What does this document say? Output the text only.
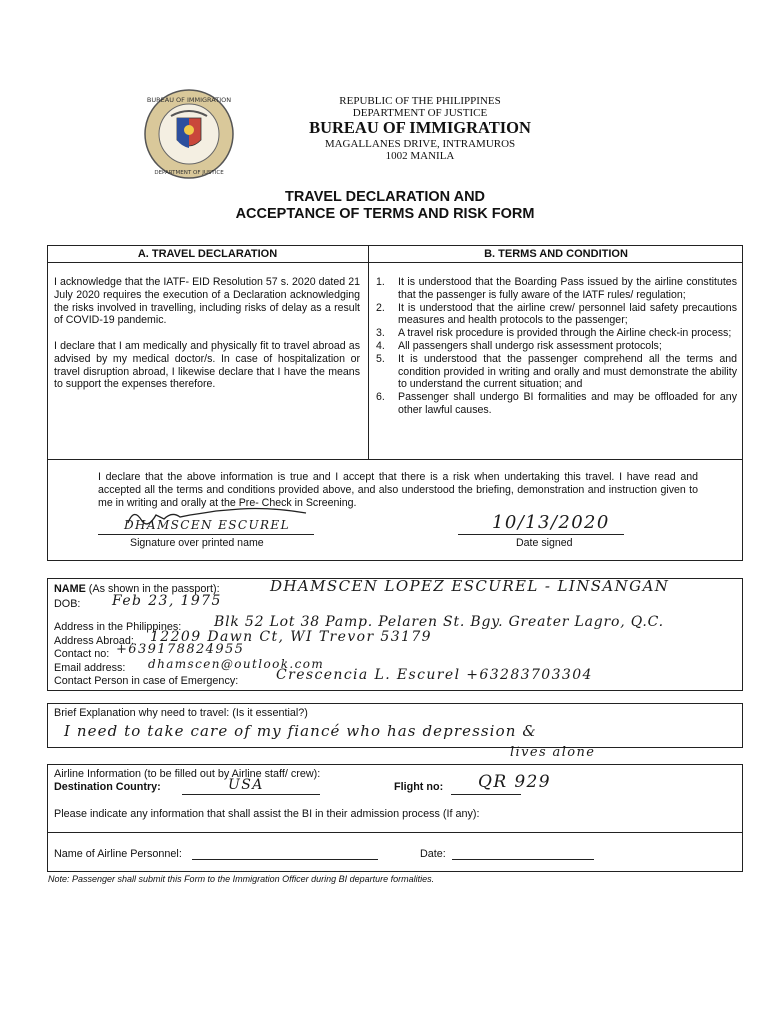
BUREAU OF IMMIGRATION
DEPARTMENT OF JUSTICE
REPUBLIC OF THE PHILIPPINES
DEPARTMENT OF JUSTICE
BUREAU OF IMMIGRATION
MAGALLANES DRIVE, INTRAMUROS
1002 MANILA
TRAVEL DECLARATION AND
ACCEPTANCE OF TERMS AND RISK FORM
A. TRAVEL DECLARATION	B. TERMS AND CONDITION
I acknowledge that the IATF- EID Resolution 57 s. 2020 dated 21 July 2020 requires the execution of a Declaration acknowledging the risks involved in travelling, including risks of delay as a result of COVID-19 pandemic.
I declare that I am medically and physically fit to travel abroad as advised by my medical doctor/s. In case of hospitalization or travel disruption abroad, I likewise declare that I have the means to support the expenses therefore.
1.	It is understood that the Boarding Pass issued by the airline constitutes that the passenger is fully aware of the IATF rules/ regulation;
2.	It is understood that the airline crew/ personnel laid safety precautions measures and health protocols to the passenger;
3.	A travel risk procedure is provided through the Airline check-in process;
4.	All passengers shall undergo risk assessment protocols;
5.	It is understood that the passenger comprehend all the terms and condition provided in writing and orally and must demonstrate the ability to understand the current situation; and
6.	Passenger shall undergo BI formalities and may be offloaded for any other lawful causes.
I declare that the above information is true and I accept that there is a risk when undertaking this travel. I have read and accepted all the terms and conditions provided above, and also understood the briefing, demonstration and instruction given to me in writing and orally at the Pre- Check in Screening.
DHAMSCEN ESCUREL
Signature over printed name
10/13/2020
Date signed
NAME (As shown in the passport):	DHAMSCEN LOPEZ ESCUREL - LINSANGAN
DOB: Feb 23, 1975
Address in the Philippines: Blk 52 Lot 38 Pamp. Pelaren St. Bgy. Greater Lagro, Q.C.
Address Abroad: 12209 Dawn Ct, WI Trevor 53179
Contact no: +639178824955
Email address: dhamscen@outlook.com
Contact Person in case of Emergency:	Crescencia L. Escurel +63283703304
Brief Explanation why need to travel: (Is it essential?)
I need to take care of my fiancé who has depression &
lives alone
Airline Information (to be filled out by Airline staff/ crew):
Destination Country:	USA	Flight no: QR 929
Please indicate any information that shall assist the BI in their admission process (If any):
Name of Airline Personnel:	Date:
Note: Passenger shall submit this Form to the Immigration Officer during BI departure formalities.
